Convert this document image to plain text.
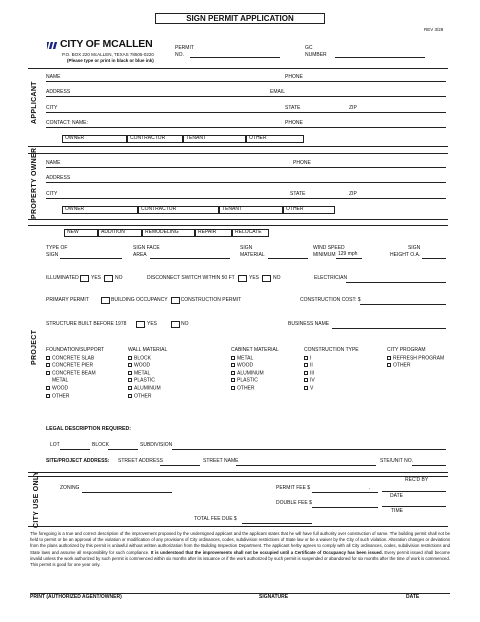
SIGN PERMIT APPLICATION
REV 3/28
CITY OF MCALLEN
P.O. BOX 220 McALLEN, TEXAS 78505-0220
(Please type or print in black or blue ink)
PERMIT
NO.
GC
NUMBER
APPLICANT
NAME	PHONE
ADDRESS	EMAIL
CITY	STATE	ZIP
CONTACT: NAME:	PHONE
OWNER	CONTRACTOR	TENANT	OTHER
PROPERTY OWNER NAME	PHONE
ADDRESS
CITY	STATE	ZIP
OWNER	CONTRACTOR	TENANT	OTHER
PROJECT
NEW	ADDITION	REMODELING	REPAIR	RELOCATE
TYPE OF
SIGN
SIGN FACE
AREA
SIGN
MATERIAL
WIND SPEED
MINIMUM 129 mph
SIGN
HEIGHT O.A.
ILLUMINATED YES	NO	DISCONNECT SWITCH WITHIN 50 FT	YES	NO	ELECTRICIAN
PRIMARY PERMIT	BUILDING OCCUPANCY	CONSTRUCTION PERMIT	CONSTRUCTION COST: $
STRUCTURE BUILT BEFORE 1978	YES	NO	BUSINESS NAME
FOUNDATION/SUPPORT
CONCRETE SLAB
CONCRETE PIER
CONCRETE BEAM
METAL
WOOD
OTHER
WALL MATERIAL
BLOCK
WOOD
METAL
PLASTIC
ALUMINUM
OTHER
CABINET MATERIAL
METAL
WOOD
ALUMINUM
PLASTIC
OTHER
CONSTRUCTION TYPE
I
II
III
IV
V
CITY PROGRAM
REFRESH PROGRAM
OTHER
LEGAL DESCRIPTION REQUIRED:
LOT	BLOCK	SUBDIVISION
SITE/PROJECT ADDRESS: STREET ADDRESS	STREET NAME	STE/UNIT NO.
CITY USE ONLY	ZONING	PERMIT FEE $	.
DOUBLE FEE $
TOTAL FEE DUE $
REC'D BY
DATE
TIME
The foregoing is a true and correct description of the improvement proposed by the undersigned applicant and the applicant states that he will have full authority over construction of same. The building permit shall not be held to permit or be an approval of the violation or modification of any provisions of City ordinances, codes, subdivision restrictions of State law or be a waiver by the City of such violation. Alteration changes or deviations from the plans authorized by this permit is unlawful without written authorization from the Building Inspection Department. The applicant herby agrees to comply with all City ordinances, codes, subdivision restrictions and State laws and assume all responsibility for such compliance. It is understood that the improvements shall not be occupied until a Certificate of Occupancy has been issued. Every permit issued shall become invalid unless the work authorized by such permit is commenced within six months after its issuance or if the work authorized by such permit is suspended or abandoned for six months after the time of work is commenced. This permit is good for one year only.
PRINT (AUTHORIZED AGENT/OWNER)	SIGNATURE	DATE
